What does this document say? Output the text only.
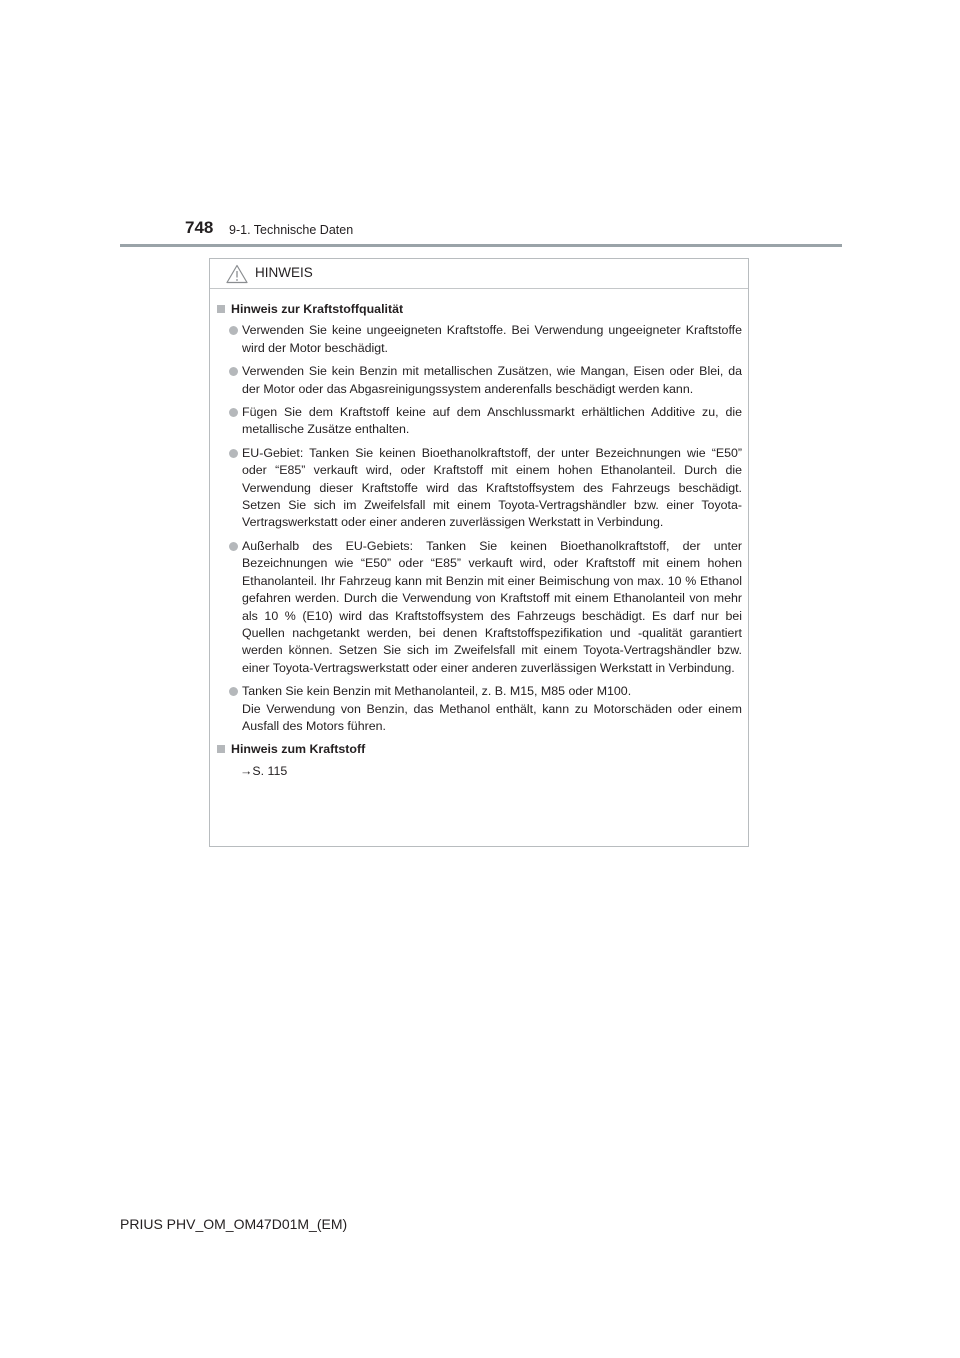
748 9-1. Technische Daten
HINWEIS
Hinweis zur Kraftstoffqualität
Verwenden Sie keine ungeeigneten Kraftstoffe. Bei Verwendung ungeeigneter Kraftstoffe wird der Motor beschädigt.
Verwenden Sie kein Benzin mit metallischen Zusätzen, wie Mangan, Eisen oder Blei, da der Motor oder das Abgasreinigungssystem anderenfalls beschädigt werden kann.
Fügen Sie dem Kraftstoff keine auf dem Anschlussmarkt erhältlichen Additive zu, die metallische Zusätze enthalten.
EU-Gebiet: Tanken Sie keinen Bioethanolkraftstoff, der unter Bezeichnungen wie “E50” oder “E85” verkauft wird, oder Kraftstoff mit einem hohen Ethanolanteil. Durch die Verwendung dieser Kraftstoffe wird das Kraftstoffsystem des Fahrzeugs beschädigt. Setzen Sie sich im Zweifelsfall mit einem Toyota-Vertragshändler bzw. einer Toyota-Vertragswerkstatt oder einer anderen zuverlässigen Werkstatt in Verbindung.
Außerhalb des EU-Gebiets: Tanken Sie keinen Bioethanolkraftstoff, der unter Bezeichnungen wie “E50” oder “E85” verkauft wird, oder Kraftstoff mit einem hohen Ethanolanteil. Ihr Fahrzeug kann mit Benzin mit einer Beimischung von max. 10 % Ethanol gefahren werden. Durch die Verwendung von Kraftstoff mit einem Ethanolanteil von mehr als 10 % (E10) wird das Kraftstoffsystem des Fahrzeugs beschädigt. Es darf nur bei Quellen nachgetankt werden, bei denen Kraftstoffspezifikation und -qualität garantiert werden können. Setzen Sie sich im Zweifelsfall mit einem Toyota-Vertragshändler bzw. einer Toyota-Vertragswerkstatt oder einer anderen zuverlässigen Werkstatt in Verbindung.
Tanken Sie kein Benzin mit Methanolanteil, z. B. M15, M85 oder M100.
Die Verwendung von Benzin, das Methanol enthält, kann zu Motorschäden oder einem Ausfall des Motors führen.
Hinweis zum Kraftstoff
→S. 115
PRIUS PHV_OM_OM47D01M_(EM)
